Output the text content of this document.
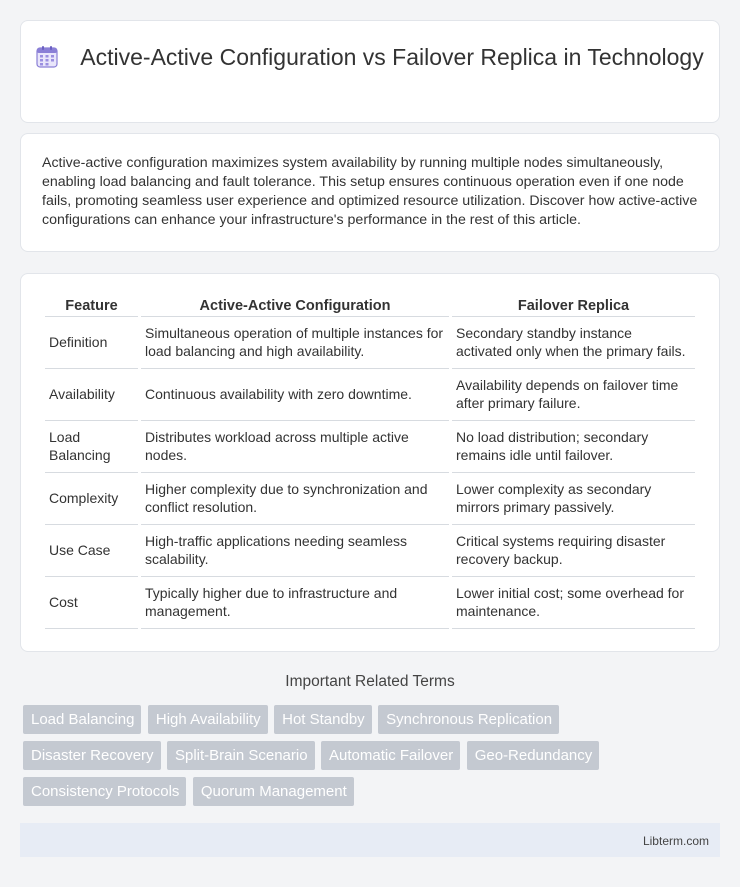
Active-Active Configuration vs Failover Replica in Technology

Active-active configuration maximizes system availability by running multiple nodes simultaneously, enabling load balancing and fault tolerance. This setup ensures continuous operation even if one node fails, promoting seamless user experience and optimized resource utilization. Discover how active-active configurations can enhance your infrastructure's performance in the rest of this article.

Feature	Active-Active Configuration	Failover Replica
Definition	Simultaneous operation of multiple instances for load balancing and high availability.	Secondary standby instance activated only when the primary fails.
Availability	Continuous availability with zero downtime.	Availability depends on failover time after primary failure.
Load Balancing	Distributes workload across multiple active nodes.	No load distribution; secondary remains idle until failover.
Complexity	Higher complexity due to synchronization and conflict resolution.	Lower complexity as secondary mirrors primary passively.
Use Case	High-traffic applications needing seamless scalability.	Critical systems requiring disaster recovery backup.
Cost	Typically higher due to infrastructure and management.	Lower initial cost; some overhead for maintenance.
Important Related Terms
Load Balancing High Availability Hot Standby Synchronous Replication
Disaster Recovery Split-Brain Scenario Automatic Failover Geo-Redundancy
Consistency Protocols Quorum Management
Libterm.com
